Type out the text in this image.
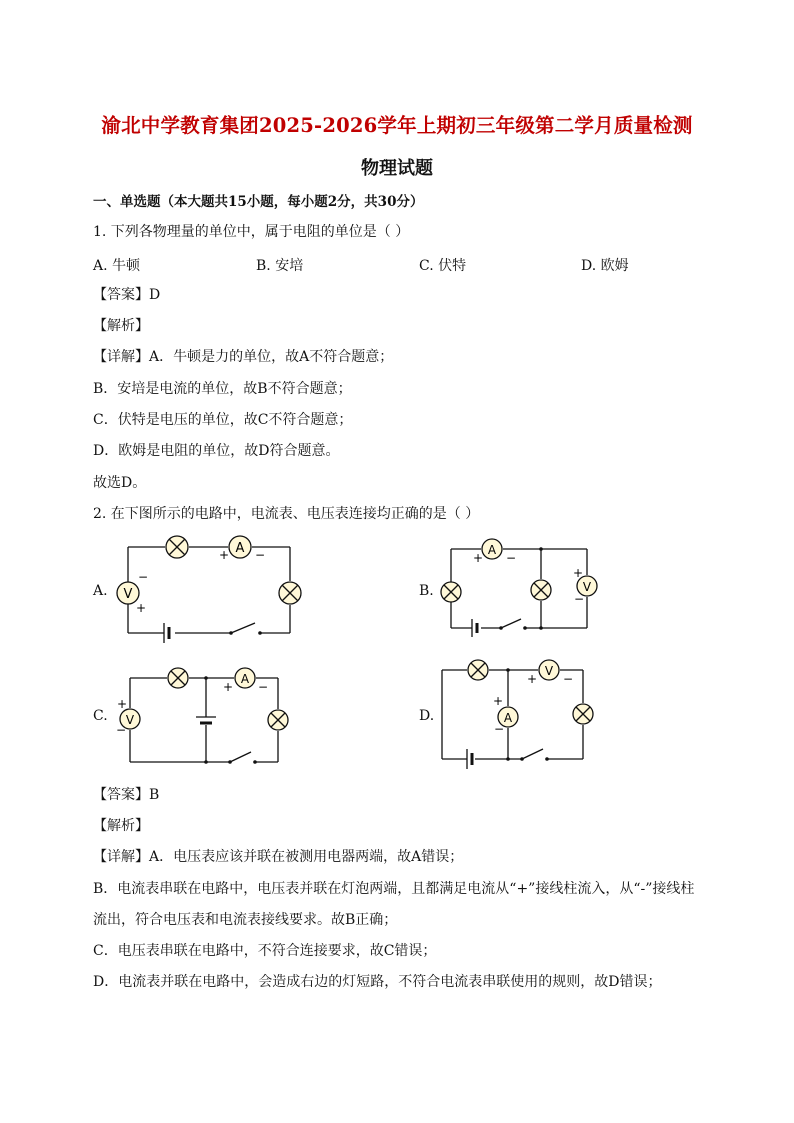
渝北中学教育集团2025-2026学年上期初三年级第二学月质量检测
物理试题
一、单选题（本大题共15小题，每小题2分，共30分）
1. 下列各物理量的单位中，属于电阻的单位是（ ）
A. 牛顿	B. 安培	C. 伏特	D. 欧姆
【答案】D
【解析】
【详解】A．牛顿是力的单位，故A不符合题意；
B．安培是电流的单位，故B不符合题意；
C．伏特是电压的单位，故C不符合题意；
D．欧姆是电阻的单位，故D符合题意。
故选D。
2. 在下图所示的电路中，电流表、电压表连接均正确的是（ ）
A.	B.
C.	D.
A
+ −
V
−
+
A
+ −
V
+
−
A
+ −
V
+
−
V
+ −
A
+
−
【答案】B
【解析】
【详解】A．电压表应该并联在被测用电器两端，故A错误；
B．电流表串联在电路中，电压表并联在灯泡两端，且都满足电流从“+”接线柱流入，从“-”接线柱
流出，符合电压表和电流表接线要求。故B正确；
C．电压表串联在电路中，不符合连接要求，故C错误；
D．电流表并联在电路中，会造成右边的灯短路，不符合电流表串联使用的规则，故D错误；
